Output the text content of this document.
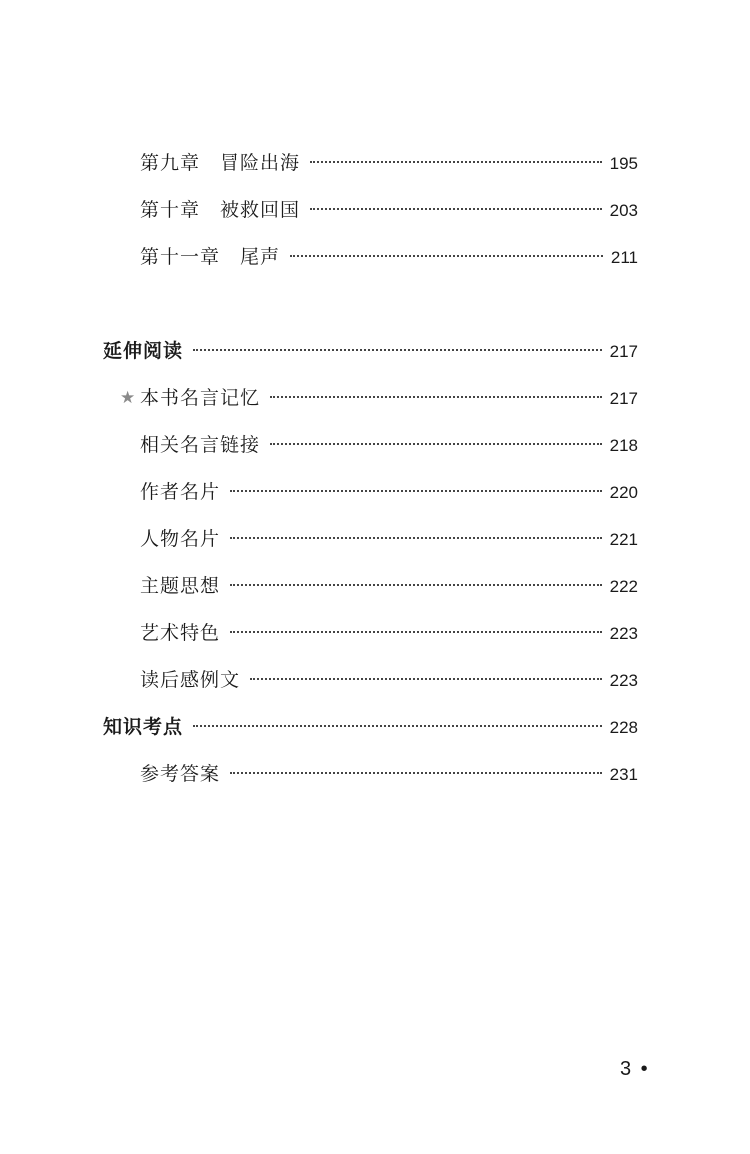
第九章　冒险出海	195
第十章　被救回国	203
第十一章　尾声	211
延伸阅读	217
★ 本书名言记忆	217
相关名言链接	218
作者名片	220
人物名片	221
主题思想	222
艺术特色	223
读后感例文	223
知识考点	228
参考答案	231
3 •
